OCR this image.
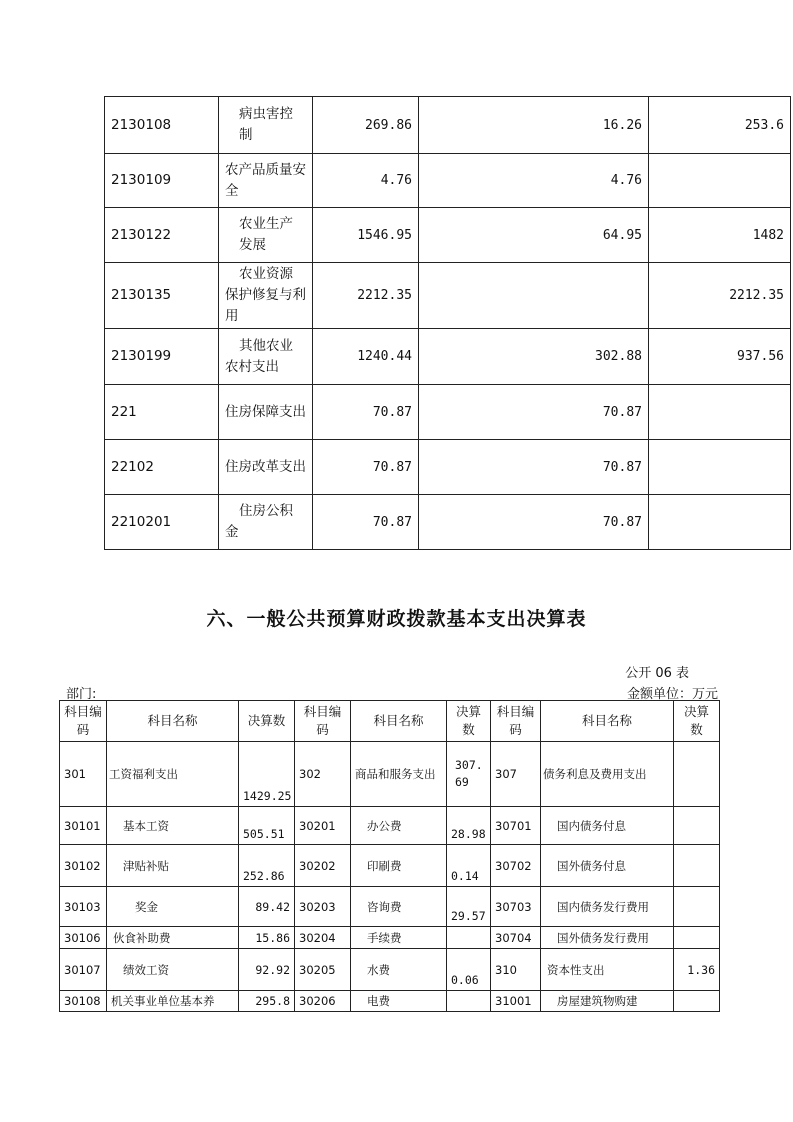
2130108	病虫害控制	269.86	16.26	253.6
2130109	农产品质量安全	4.76	4.76	
2130122	农业生产发展	1546.95	64.95	1482
2130135	农业资源保护修复与利用	2212.35		2212.35
2130199	其他农业农村支出	1240.44	302.88	937.56
221	住房保障支出	70.87	70.87	
22102	住房改革支出	70.87	70.87	
2210201	住房公积金	70.87	70.87	
六、一般公共预算财政拨款基本支出决算表
公开 06 表
部门:	金额单位：万元
科目编码	科目名称	决算数	科目编码	科目名称	决算数	科目编码	科目名称	决算数
301	工资福利支出	1429.25	302	商品和服务支出	307.69	307	债务利息及费用支出	
30101	基本工资	505.51	30201	办公费	28.98	30701	国内债务付息	
30102	津贴补贴	252.86	30202	印刷费	0.14	30702	国外债务付息	
30103	奖金	89.42	30203	咨询费	29.57	30703	国内债务发行费用	
30106	伙食补助费	15.86	30204	手续费		30704	国外债务发行费用	
30107	绩效工资	92.92	30205	水费	0.06	310	资本性支出	1.36
30108	机关事业单位基本养	295.8	30206	电费		31001	房屋建筑物购建	
